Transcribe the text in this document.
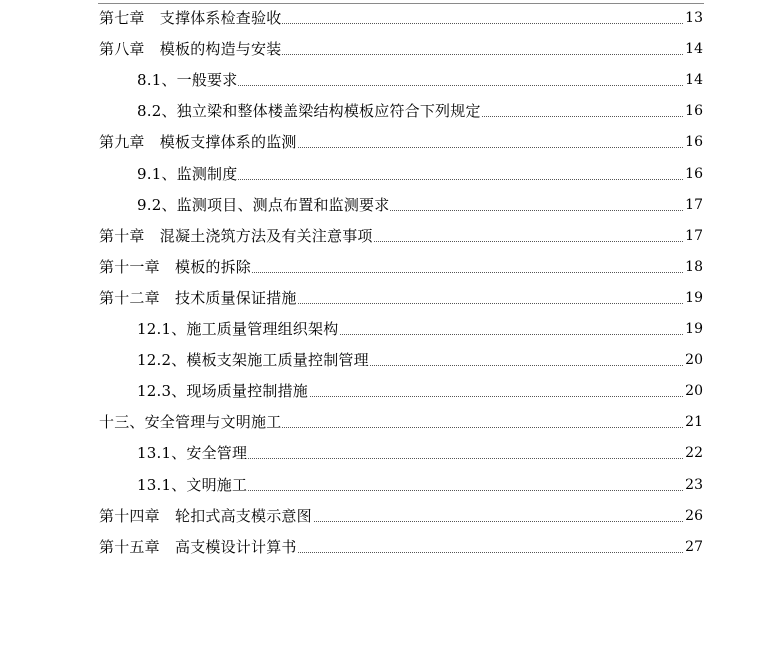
第七章　支撑体系检查验收	13
第八章　模板的构造与安装	14
8.1、一般要求	14
8.2、独立梁和整体楼盖梁结构模板应符合下列规定	16
第九章　模板支撑体系的监测	16
9.1、监测制度	16
9.2、监测项目、测点布置和监测要求	17
第十章　混凝土浇筑方法及有关注意事项	17
第十一章　模板的拆除	18
第十二章　技术质量保证措施	19
12.1、施工质量管理组织架构	19
12.2、模板支架施工质量控制管理	20
12.3、现场质量控制措施	20
十三、安全管理与文明施工	21
13.1、安全管理	22
13.1、文明施工	23
第十四章　轮扣式高支模示意图	26
第十五章　高支模设计计算书	27
